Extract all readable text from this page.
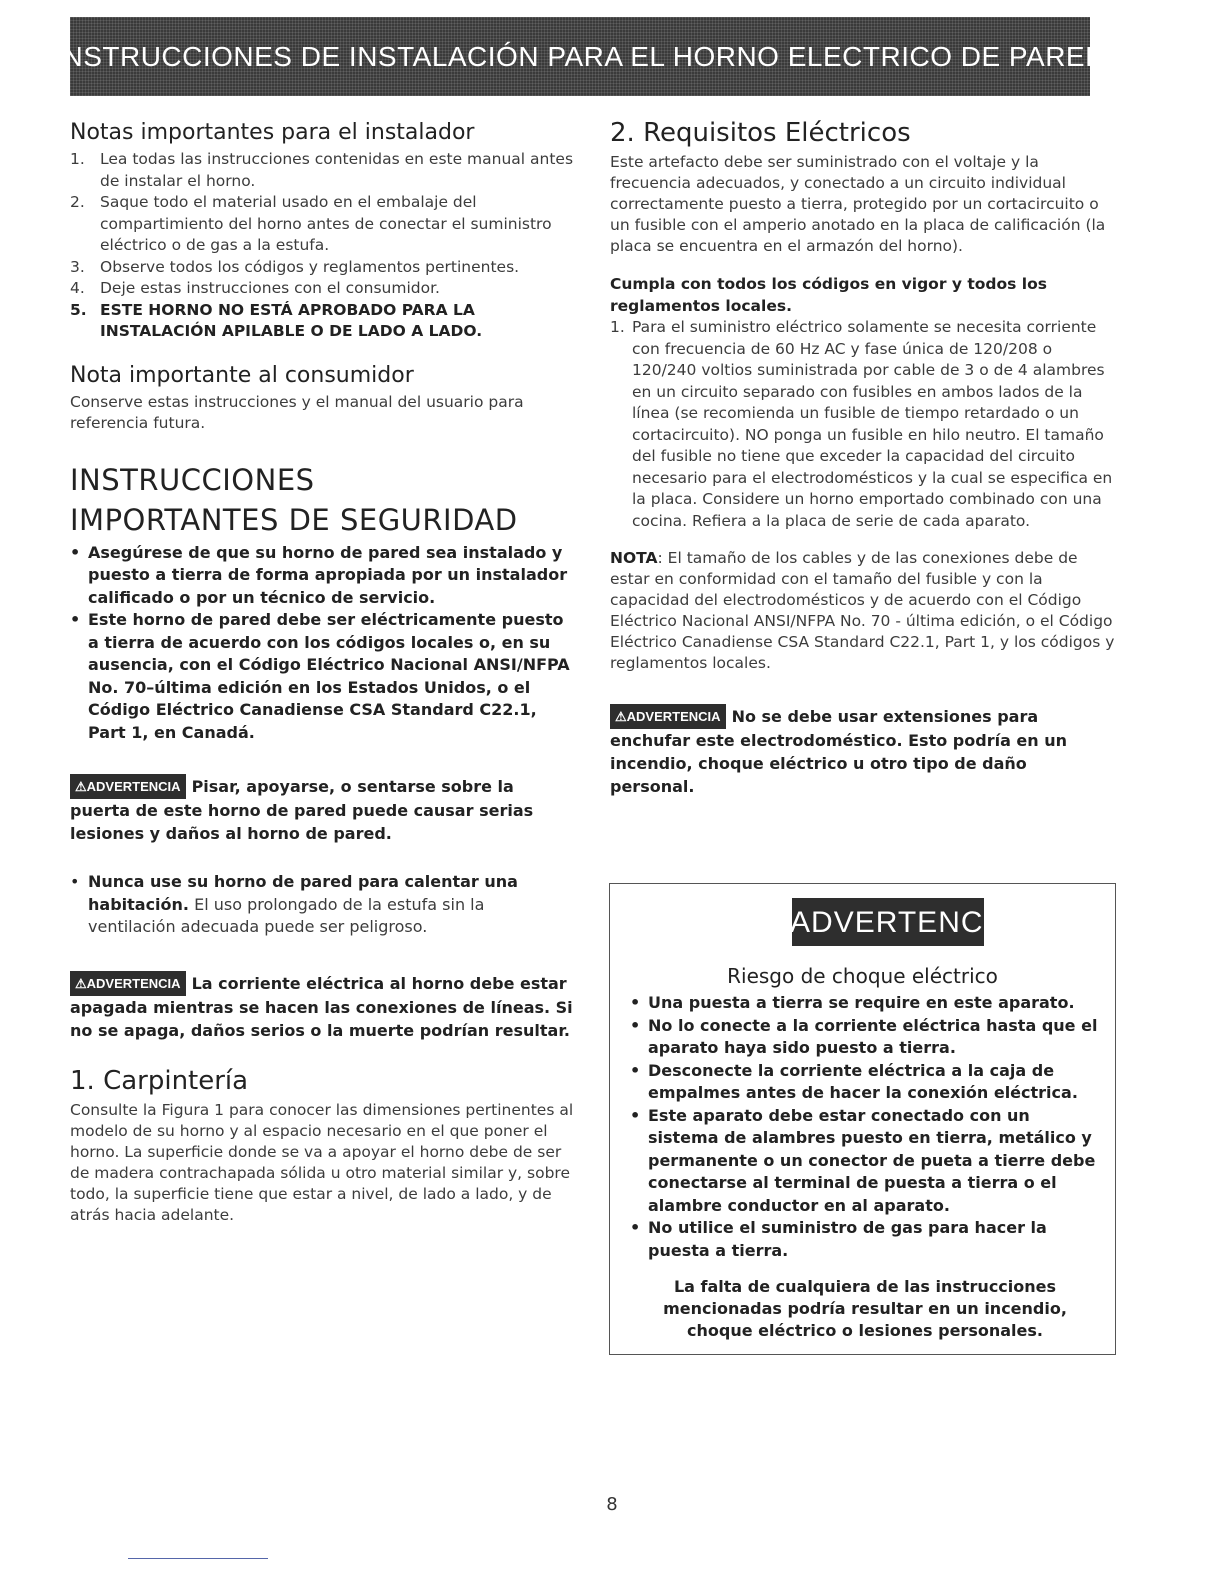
INSTRUCCIONES DE INSTALACIÓN PARA EL HORNO ELECTRICO DE PARED
Notas importantes para el instalador
1. Lea todas las instrucciones contenidas en este manual antes de instalar el horno.
2. Saque todo el material usado en el embalaje del compartimiento del horno antes de conectar el suministro eléctrico o de gas a la estufa.
3. Observe todos los códigos y reglamentos pertinentes.
4. Deje estas instrucciones con el consumidor.
5. ESTE HORNO NO ESTÁ APROBADO PARA LA INSTALACIÓN APILABLE O DE LADO A LADO.
Nota importante al consumidor

Conserve estas instrucciones y el manual del usuario para referencia futura.

INSTRUCCIONES
IMPORTANTES DE SEGURIDAD
• Asegúrese de que su horno de pared sea instalado y puesto a tierra de forma apropiada por un instalador calificado o por un técnico de servicio.
• Este horno de pared debe ser eléctricamente puesto a tierra de acuerdo con los códigos locales o, en su ausencia, con el Código Eléctrico Nacional ANSI/NFPA No. 70–última edición en los Estados Unidos, o el Código Eléctrico Canadiense CSA Standard C22.1, Part 1, en Canadá.

⚠ADVERTENCIA Pisar, apoyarse, o sentarse sobre la puerta de este horno de pared puede causar serias lesiones y daños al horno de pared.

• Nunca use su horno de pared para calentar una habitación. El uso prolongado de la estufa sin la ventilación adecuada puede ser peligroso.

⚠ADVERTENCIA La corriente eléctrica al horno debe estar apagada mientras se hacen las conexiones de líneas. Si no se apaga, daños serios o la muerte podrían resultar.

1. Carpintería

Consulte la Figura 1 para conocer las dimensiones pertinentes al modelo de su horno y al espacio necesario en el que poner el horno. La superficie donde se va a apoyar el horno debe de ser de madera contrachapada sólida u otro material similar y, sobre todo, la superficie tiene que estar a nivel, de lado a lado, y de atrás hacia adelante.

2. Requisitos Eléctricos

Este artefacto debe ser suministrado con el voltaje y la frecuencia adecuados, y conectado a un circuito individual correctamente puesto a tierra, protegido por un cortacircuito o un fusible con el amperio anotado en la placa de calificación (la placa se encuentra en el armazón del horno).

Cumpla con todos los códigos en vigor y todos los reglamentos locales.

1. Para el suministro eléctrico solamente se necesita corriente con frecuencia de 60 Hz AC y fase única de 120/208 o 120/240 voltios suministrada por cable de 3 o de 4 alambres en un circuito separado con fusibles en ambos lados de la línea (se recomienda un fusible de tiempo retardado o un cortacircuito). NO ponga un fusible en hilo neutro. El tamaño del fusible no tiene que exceder la capacidad del circuito necesario para el electrodomésticos y la cual se especifica en la placa. Considere un horno emportado combinado con una cocina. Refiera a la placa de serie de cada aparato.

NOTA: El tamaño de los cables y de las conexiones debe de estar en conformidad con el tamaño del fusible y con la capacidad del electrodomésticos y de acuerdo con el Código Eléctrico Nacional ANSI/NFPA No. 70 - última edición, o el Código Eléctrico Canadiense CSA Standard C22.1, Part 1, y los códigos y reglamentos locales.

⚠ADVERTENCIA No se debe usar extensiones para enchufar este electrodoméstico. Esto podría en un incendio, choque eléctrico u otro tipo de daño personal.

⚠ADVERTENCIA
Riesgo de choque eléctrico
• Una puesta a tierra se require en este aparato.
• No lo conecte a la corriente eléctrica hasta que el aparato haya sido puesto a tierra.
• Desconecte la corriente eléctrica a la caja de empalmes antes de hacer la conexión eléctrica.
• Este aparato debe estar conectado con un sistema de alambres puesto en tierra, metálico y permanente o un conector de pueta a tierre debe conectarse al terminal de puesta a tierra o el alambre conductor en al aparato.
• No utilice el suministro de gas para hacer la puesta a tierra.
La falta de cualquiera de las instrucciones mencionadas podría resultar en un incendio, choque eléctrico o lesiones personales.
8
